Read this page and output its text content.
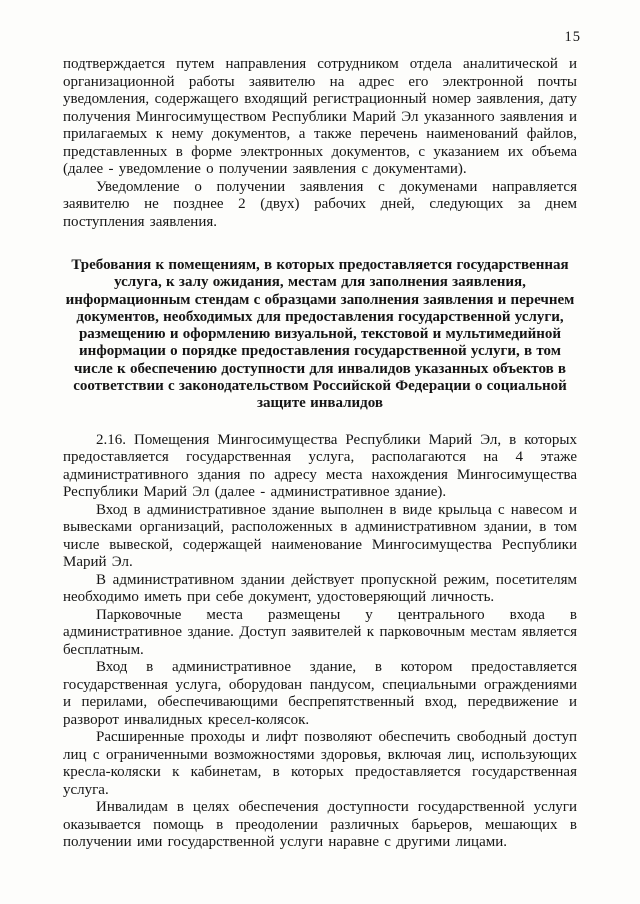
15

подтверждается путем направления сотрудником отдела аналитической и организационной работы заявителю на адрес его электронной почты уведомления, содержащего входящий регистрационный номер заявления, дату получения Мингосимуществом Республики Марий Эл указанного заявления и прилагаемых к нему документов, а также перечень наименований файлов, представленных в форме электронных документов, с указанием их объема (далее - уведомление о получении заявления с документами).

Уведомление о получении заявления с докуменами направляется заявителю не позднее 2 (двух) рабочих дней, следующих за днем поступления заявления.

Требования к помещениям, в которых предоставляется государственная услуга, к залу ожидания, местам для заполнения заявления, информационным стендам с образцами заполнения заявления и перечнем документов, необходимых для предоставления государственной услуги, размещению и оформлению визуальной, текстовой и мультимедийной информации о порядке предоставления государственной услуги, в том числе к обеспечению доступности для инвалидов указанных объектов в соответствии с законодательством Российской Федерации о социальной защите инвалидов

2.16. Помещения Мингосимущества Республики Марий Эл, в которых предоставляется государственная услуга, располагаются на 4 этаже административного здания по адресу места нахождения Мингосимущества Республики Марий Эл (далее - административное здание).

Вход в административное здание выполнен в виде крыльца с навесом и вывесками организаций, расположенных в административном здании, в том числе вывеской, содержащей наименование Мингосимущества Республики Марий Эл.

В административном здании действует пропускной режим, посетителям необходимо иметь при себе документ, удостоверяющий личность.

Парковочные места размещены у центрального входа в административное здание. Доступ заявителей к парковочным местам является бесплатным.

Вход в административное здание, в котором предоставляется государственная услуга, оборудован пандусом, специальными ограждениями и перилами, обеспечивающими беспрепятственный вход, передвижение и разворот инвалидных кресел-колясок.

Расширенные проходы и лифт позволяют обеспечить свободный доступ лиц с ограниченными возможностями здоровья, включая лиц, использующих кресла-коляски к кабинетам, в которых предоставляется государственная услуга.

Инвалидам в целях обеспечения доступности государственной услуги оказывается помощь в преодолении различных барьеров, мешающих в получении ими государственной услуги наравне с другими лицами.
